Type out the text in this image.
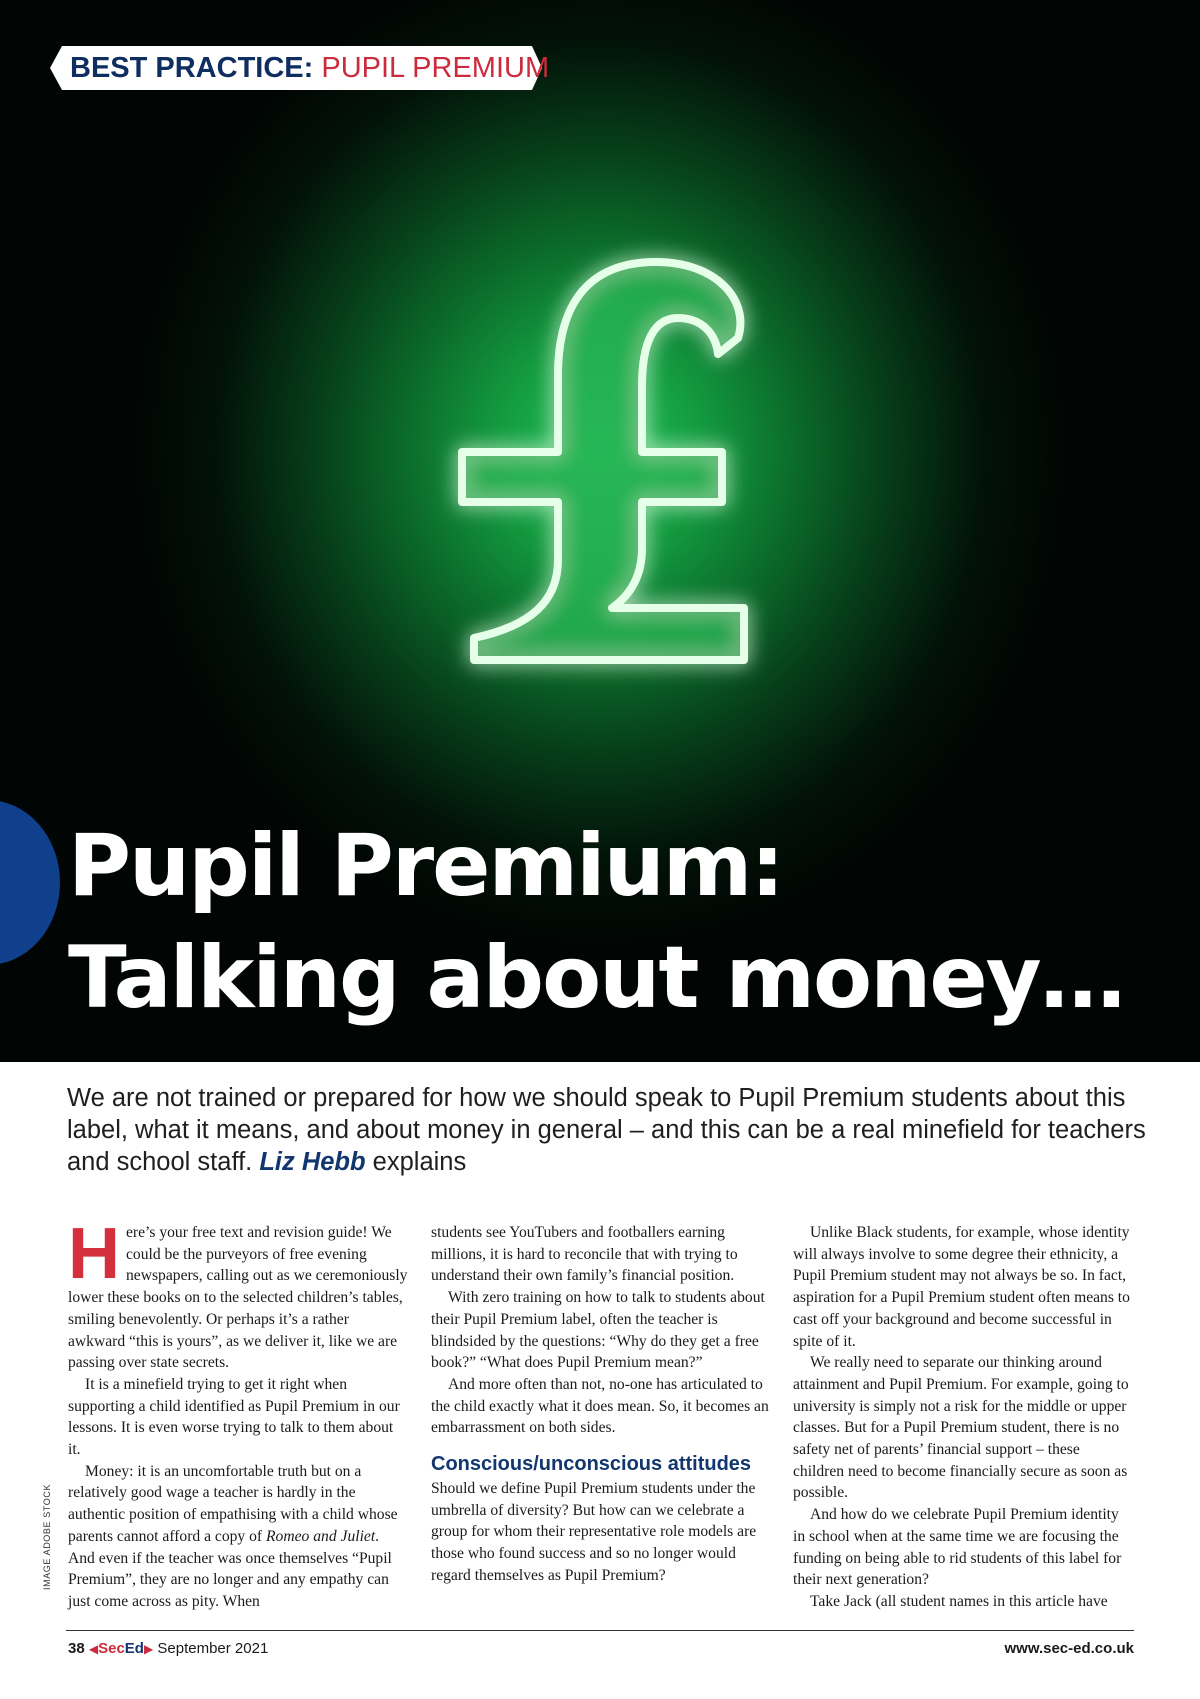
BEST PRACTICE: PUPIL PREMIUM
Pupil Premium:
Talking about money…

We are not trained or prepared for how we should speak to Pupil Premium students about this label, what it means, and about money in general – and this can be a real minefield for teachers and school staff. Liz Hebb explains

Here’s your free text and revision guide! We could be the purveyors of free evening newspapers, calling out as we ceremoniously lower these books on to the selected children’s tables, smiling benevolently. Or perhaps it’s a rather awkward “this is yours”, as we deliver it, like we are passing over state secrets.

It is a minefield trying to get it right when supporting a child identified as Pupil Premium in our lessons. It is even worse trying to talk to them about it.

Money: it is an uncomfortable truth but on a relatively good wage a teacher is hardly in the authentic position of empathising with a child whose parents cannot afford a copy of Romeo and Juliet. And even if the teacher was once themselves “Pupil Premium”, they are no longer and any empathy can just come across as pity. When

students see YouTubers and footballers earning millions, it is hard to reconcile that with trying to understand their own family’s financial position.

With zero training on how to talk to students about their Pupil Premium label, often the teacher is blindsided by the questions: “Why do they get a free book?” “What does Pupil Premium mean?”

And more often than not, no-one has articulated to the child exactly what it does mean. So, it becomes an embarrassment on both sides.

Conscious/unconscious attitudes

Should we define Pupil Premium students under the umbrella of diversity? But how can we celebrate a group for whom their representative role models are those who found success and so no longer would regard themselves as Pupil Premium?

Unlike Black students, for example, whose identity will always involve to some degree their ethnicity, a Pupil Premium student may not always be so. In fact, aspiration for a Pupil Premium student often means to cast off your background and become successful in spite of it.

We really need to separate our thinking around attainment and Pupil Premium. For example, going to university is simply not a risk for the middle or upper classes. But for a Pupil Premium student, there is no safety net of parents’ financial support – these children need to become financially secure as soon as possible.

And how do we celebrate Pupil Premium identity in school when at the same time we are focusing the funding on being able to rid students of this label for their next generation?

Take Jack (all student names in this article have

IMAGE ADOBE STOCK
38 ◀SecEd▶ September 2021	www.sec-ed.co.uk
